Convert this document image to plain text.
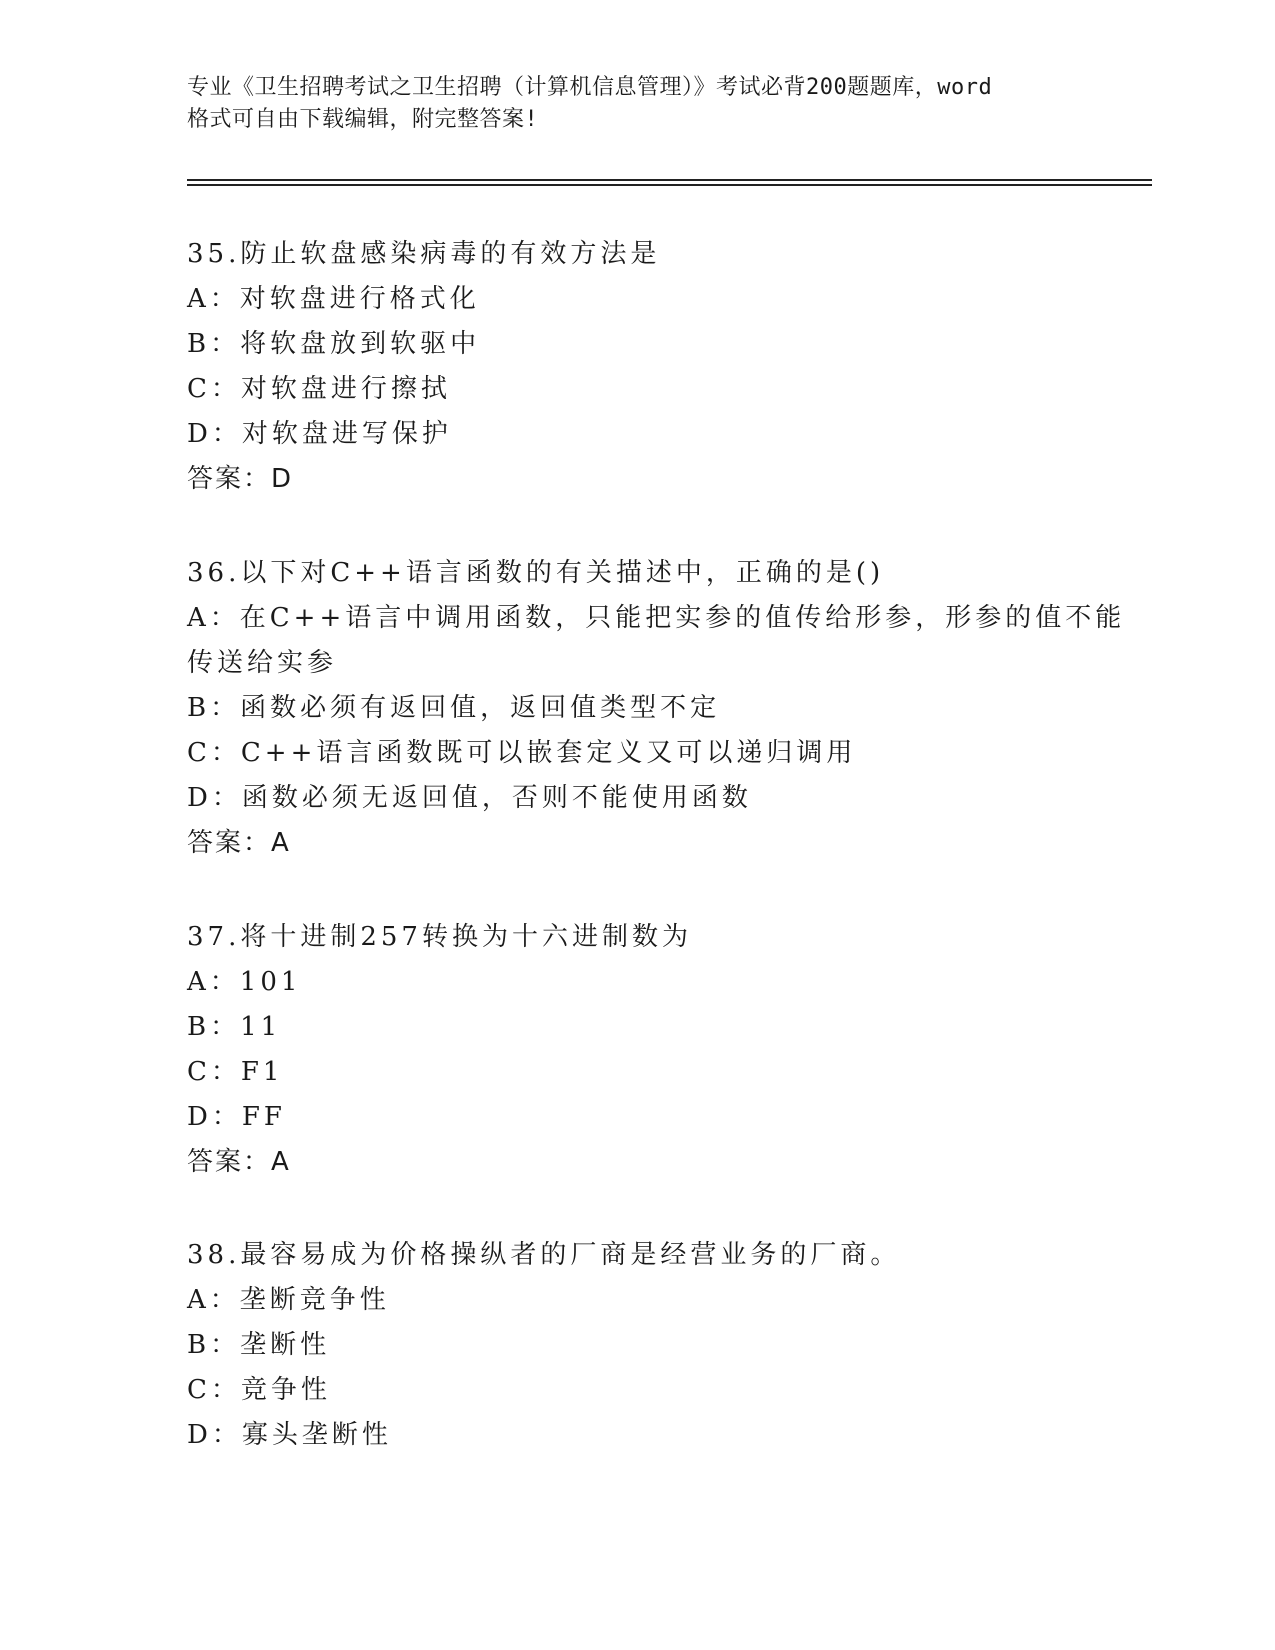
专业《卫生招聘考试之卫生招聘（计算机信息管理）》考试必背200题题库，word
格式可自由下载编辑，附完整答案!
35.防止软盘感染病毒的有效方法是
A：对软盘进行格式化
B：将软盘放到软驱中
C：对软盘进行擦拭
D：对软盘进写保护
答案：D
36.以下对C++语言函数的有关描述中，正确的是()
A：在C++语言中调用函数，只能把实参的值传给形参，形参的值不能
传送给实参
B：函数必须有返回值，返回值类型不定
C：C++语言函数既可以嵌套定义又可以递归调用
D：函数必须无返回值，否则不能使用函数
答案：A
37.将十进制257转换为十六进制数为
A：101
B：11
C：F1
D：FF
答案：A
38.最容易成为价格操纵者的厂商是经营业务的厂商。
A：垄断竞争性
B：垄断性
C：竞争性
D：寡头垄断性
